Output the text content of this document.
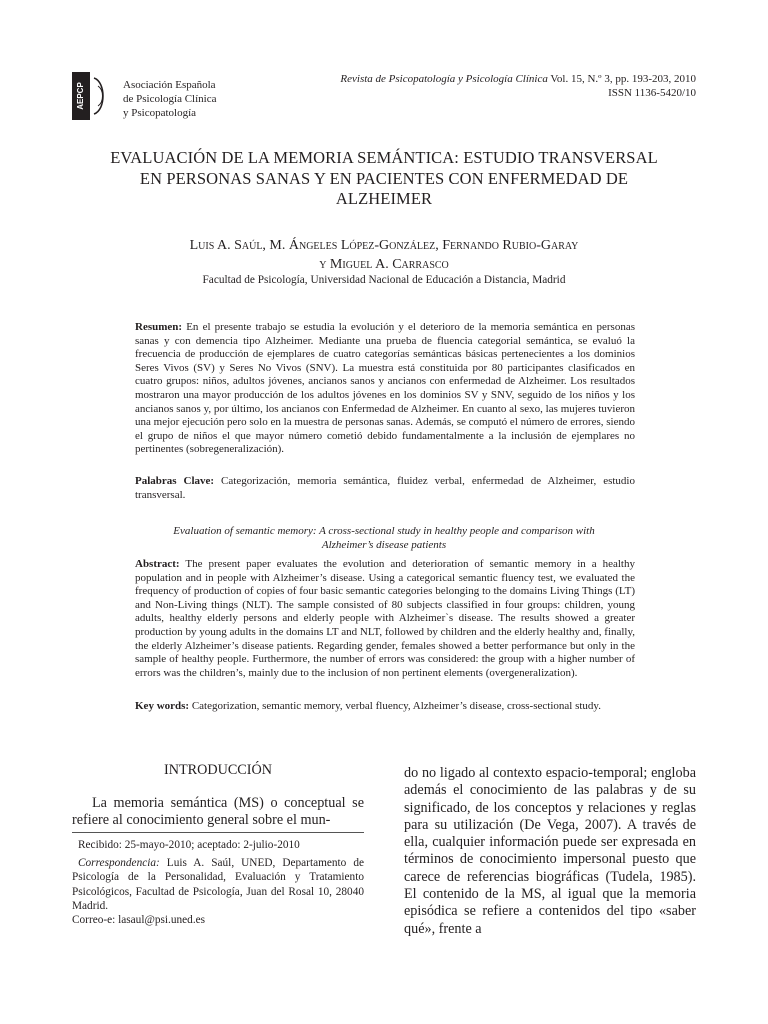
AEPCP	Asociación Española
de Psicología Clínica
y Psicopatología
Revista de Psicopatología y Psicología Clínica Vol. 15, N.º 3, pp. 193-203, 2010
ISSN 1136-5420/10
EVALUACIÓN DE LA MEMORIA SEMÁNTICA: ESTUDIO TRANSVERSAL
EN PERSONAS SANAS Y EN PACIENTES CON ENFERMEDAD DE
ALZHEIMER
Luis A. Saúl, M. Ángeles López-González, Fernando Rubio-Garay
y Miguel A. Carrasco
Facultad de Psicología, Universidad Nacional de Educación a Distancia, Madrid
Resumen: En el presente trabajo se estudia la evolución y el deterioro de la memoria semántica en personas sanas y con demencia tipo Alzheimer. Mediante una prueba de fluencia categorial semántica, se evaluó la frecuencia de producción de ejemplares de cuatro categorías semánticas básicas pertenecientes a los dominios Seres Vivos (SV) y Seres No Vivos (SNV). La muestra está constituida por 80 participantes clasificados en cuatro grupos: niños, adultos jóvenes, ancianos sanos y ancianos con enfermedad de Alzheimer. Los resultados mostraron una mayor producción de los adultos jóvenes en los dominios SV y SNV, seguido de los niños y los ancianos sanos y, por último, los ancianos con Enfermedad de Alzheimer. En cuanto al sexo, las mujeres tuvieron una mejor ejecución pero solo en la muestra de personas sanas. Además, se computó el número de errores, siendo el grupo de niños el que mayor número cometió debido fundamentalmente a la inclusión de ejemplares no pertinentes (sobregeneralización).
Palabras Clave: Categorización, memoria semántica, fluidez verbal, enfermedad de Alzheimer, estudio transversal.
Evaluation of semantic memory: A cross-sectional study in healthy people and comparison with
Alzheimer’s disease patients
Abstract: The present paper evaluates the evolution and deterioration of semantic memory in a healthy population and in people with Alzheimer’s disease. Using a categorical semantic fluency test, we evaluated the frequency of production of copies of four basic semantic categories belonging to the domains Living Things (LT) and Non-Living things (NLT). The sample consisted of 80 subjects classified in four groups: children, young adults, healthy elderly persons and elderly people with Alzheimer`s disease. The results showed a greater production by young adults in the domains LT and NLT, followed by children and the elderly healthy and, finally, the elderly Alzheimer’s disease patients. Regarding gender, females showed a better performance but only in the sample of healthy people. Furthermore, the number of errors was considered: the group with a higher number of errors was the children’s, mainly due to the inclusion of non pertinent elements (overgeneralization).
Key words: Categorization, semantic memory, verbal fluency, Alzheimer’s disease, cross-sectional study.
INTRODUCCIÓN
La memoria semántica (MS) o conceptual se refiere al conocimiento general sobre el mun-
Recibido: 25-mayo-2010; aceptado: 2-julio-2010
Correspondencia: Luis A. Saúl, UNED, Departamento de Psicología de la Personalidad, Evaluación y Tratamiento Psicológicos, Facultad de Psicología, Juan del Rosal 10, 28040 Madrid.
Correo-e: lasaul@psi.uned.es
do no ligado al contexto espacio-temporal; engloba además el conocimiento de las palabras y de su significado, de los conceptos y relaciones y reglas para su utilización (De Vega, 2007). A través de ella, cualquier información puede ser expresada en términos de conocimiento impersonal puesto que carece de referencias biográficas (Tudela, 1985). El contenido de la MS, al igual que la memoria episódica se refiere a contenidos del tipo «saber qué», frente a
